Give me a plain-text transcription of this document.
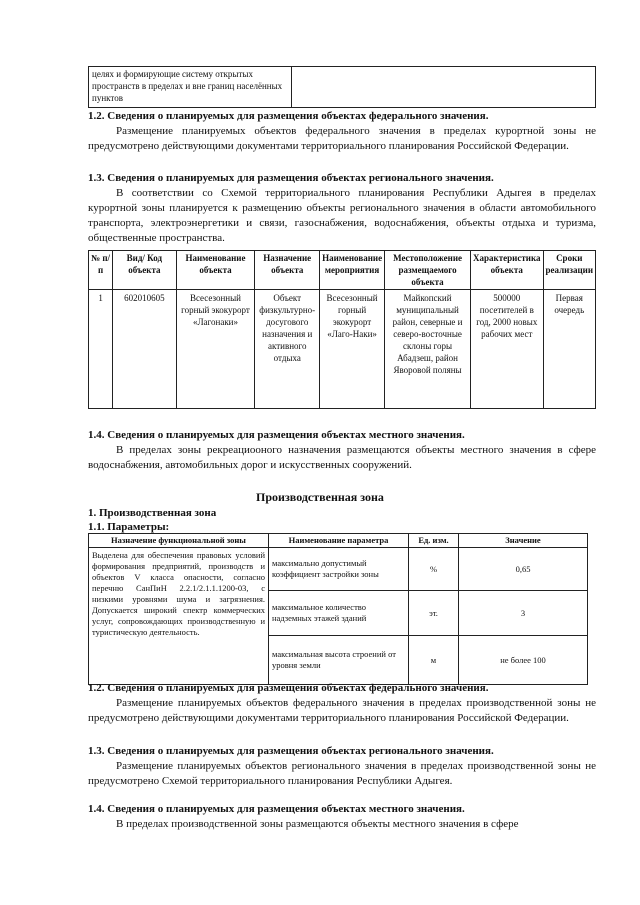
целях и формирующие систему открытых пространств в пределах и вне границ населённых пунктов	
1.2. Сведения о планируемых для размещения объектах федерального значения.
Размещение планируемых объектов федерального значения в пределах курортной зоны не предусмотрено действующими документами территориального планирования Российской Федерации.
1.3. Сведения о планируемых для размещения объектах регионального значения.
В соответствии со Схемой территориального планирования Республики Адыгея в пределах курортной зоны планируется к размещению объекты регионального значения в области автомобильного транспорта, электроэнергетики и связи, газоснабжения, водоснабжения, объекты отдыха и туризма, общественные пространства.
№ п/п	Вид/ Код объекта	Наименование объекта	Назначение объекта	Наименование мероприятия	Местоположение размещаемого объекта	Характеристика объекта	Сроки реализации
1	602010605	Всесезонный горный экокурорт «Лагонаки»	Объект физкультурно-досугового назначения и активного отдыха	Всесезонный горный экокурорт «Лаго-Наки»	Майкопский муниципальный район, северные и северо-восточные склоны горы Абадзеш, район Яворовой поляны	500000 посетителей в год, 2000 новых рабочих мест	Первая очередь
1.4. Сведения о планируемых для размещения объектах местного значения.
В пределах зоны рекреациооного назначения размещаются объекты местного значения в сфере водоснабжения, автомобильных дорог и искусственных сооружений.
Производственная зона
1. Производственная зона
1.1. Параметры:
Назначение функциональной зоны	Наименование параметра	Ед. изм.	Значение
Выделена для обеспечения правовых условий формирования предприятий, производств и объектов V класса опасности, согласно перечню СанПиН 2.2.1/2.1.1.1200-03, с низкими уровнями шума и загрязнения. Допускается широкий спектр коммерческих услуг, сопровождающих производственную и туристическую деятельность.	максимально допустимый коэффициент застройки зоны	%	0,65
	максимальное количество надземных этажей зданий	эт.	3
	максимальная высота строений от уровня земли	м	не более 100
1.2. Сведения о планируемых для размещения объектах федерального значения.
Размещение планируемых объектов федерального значения в пределах производственной зоны не предусмотрено действующими документами территориального планирования Российской Федерации.
1.3. Сведения о планируемых для размещения объектах регионального значения.
Размещение планируемых объектов регионального значения в пределах производственной зоны не предусмотрено Схемой территориального планирования Республики Адыгея.
1.4. Сведения о планируемых для размещения объектах местного значения.
В пределах производственной зоны размещаются объекты местного значения в сфере
